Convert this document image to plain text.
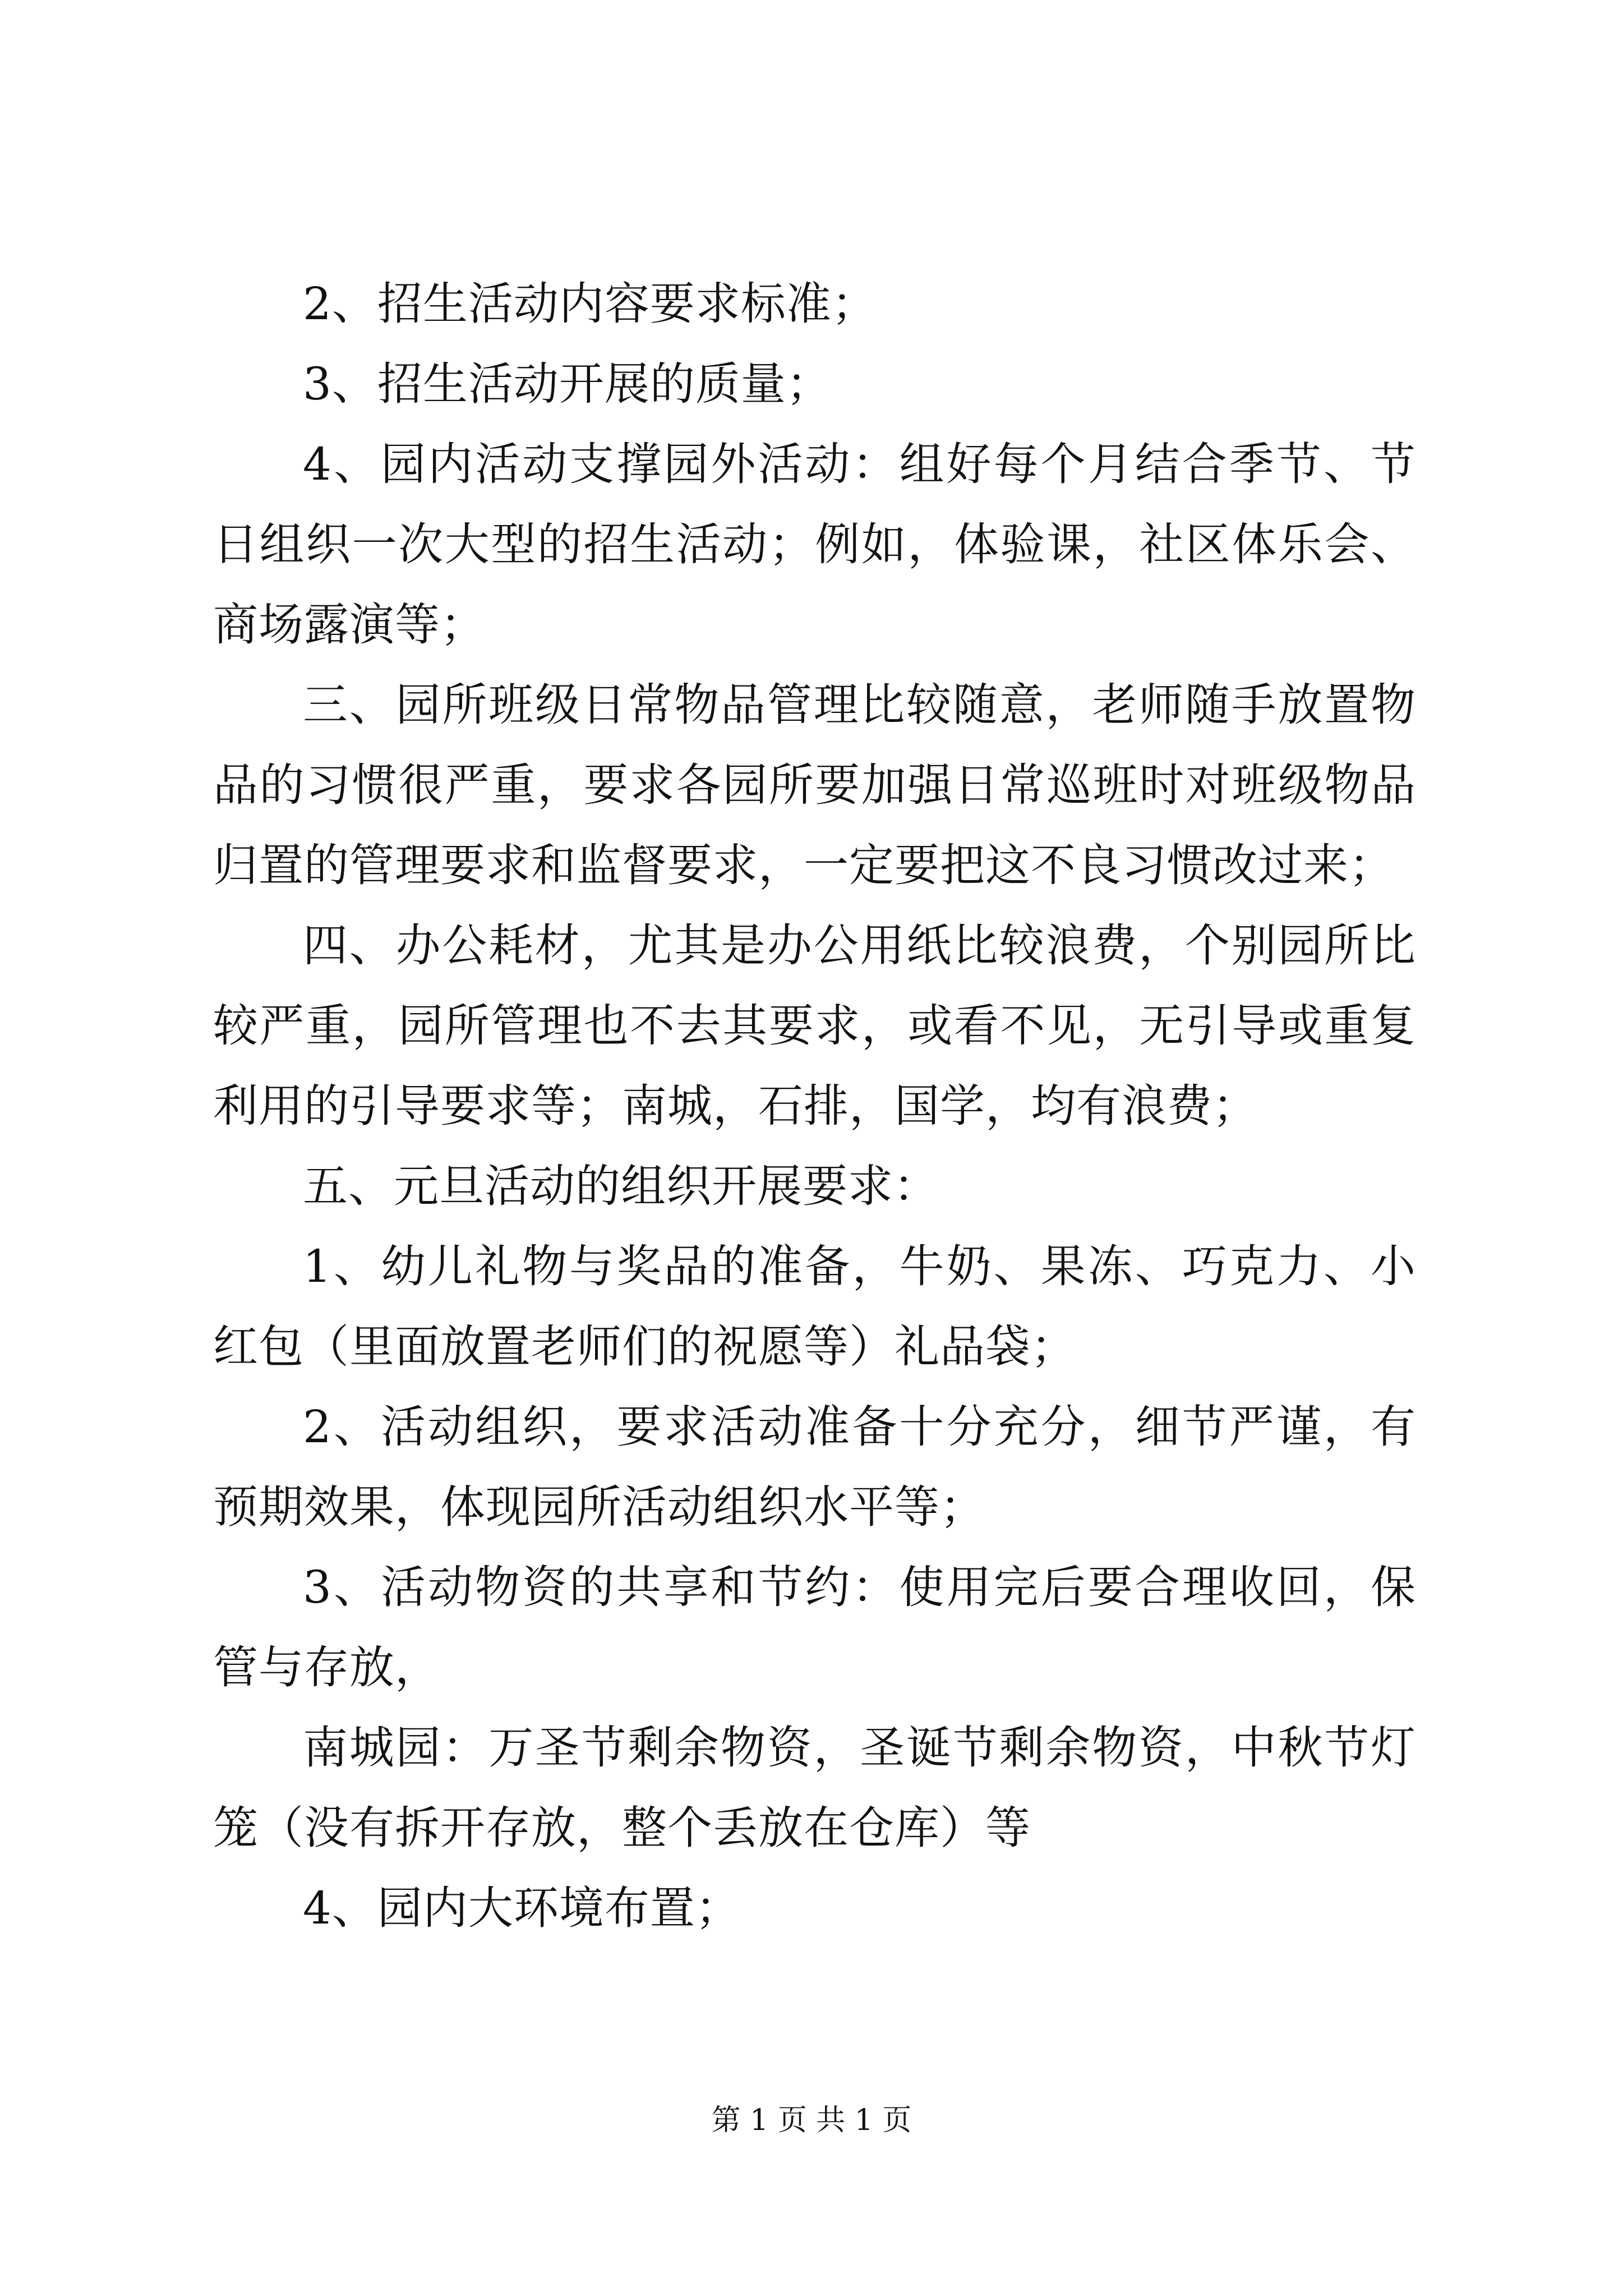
2、招生活动内容要求标准；

3、招生活动开展的质量；

4、园内活动支撑园外活动：组好每个月结合季节、节日组织一次大型的招生活动；例如，体验课，社区体乐会、商场露演等；

三、园所班级日常物品管理比较随意，老师随手放置物品的习惯很严重，要求各园所要加强日常巡班时对班级物品归置的管理要求和监督要求，一定要把这不良习惯改过来；

四、办公耗材，尤其是办公用纸比较浪费，个别园所比较严重，园所管理也不去其要求，或看不见，无引导或重复利用的引导要求等；南城，石排，国学，均有浪费；

五、元旦活动的组织开展要求：

1、幼儿礼物与奖品的准备，牛奶、果冻、巧克力、小红包（里面放置老师们的祝愿等）礼品袋；

2、活动组织，要求活动准备十分充分，细节严谨，有预期效果，体现园所活动组织水平等；

3、活动物资的共享和节约：使用完后要合理收回，保管与存放，

南城园：万圣节剩余物资，圣诞节剩余物资，中秋节灯笼（没有拆开存放，整个丢放在仓库）等

4、园内大环境布置；

第 1 页 共 1 页
